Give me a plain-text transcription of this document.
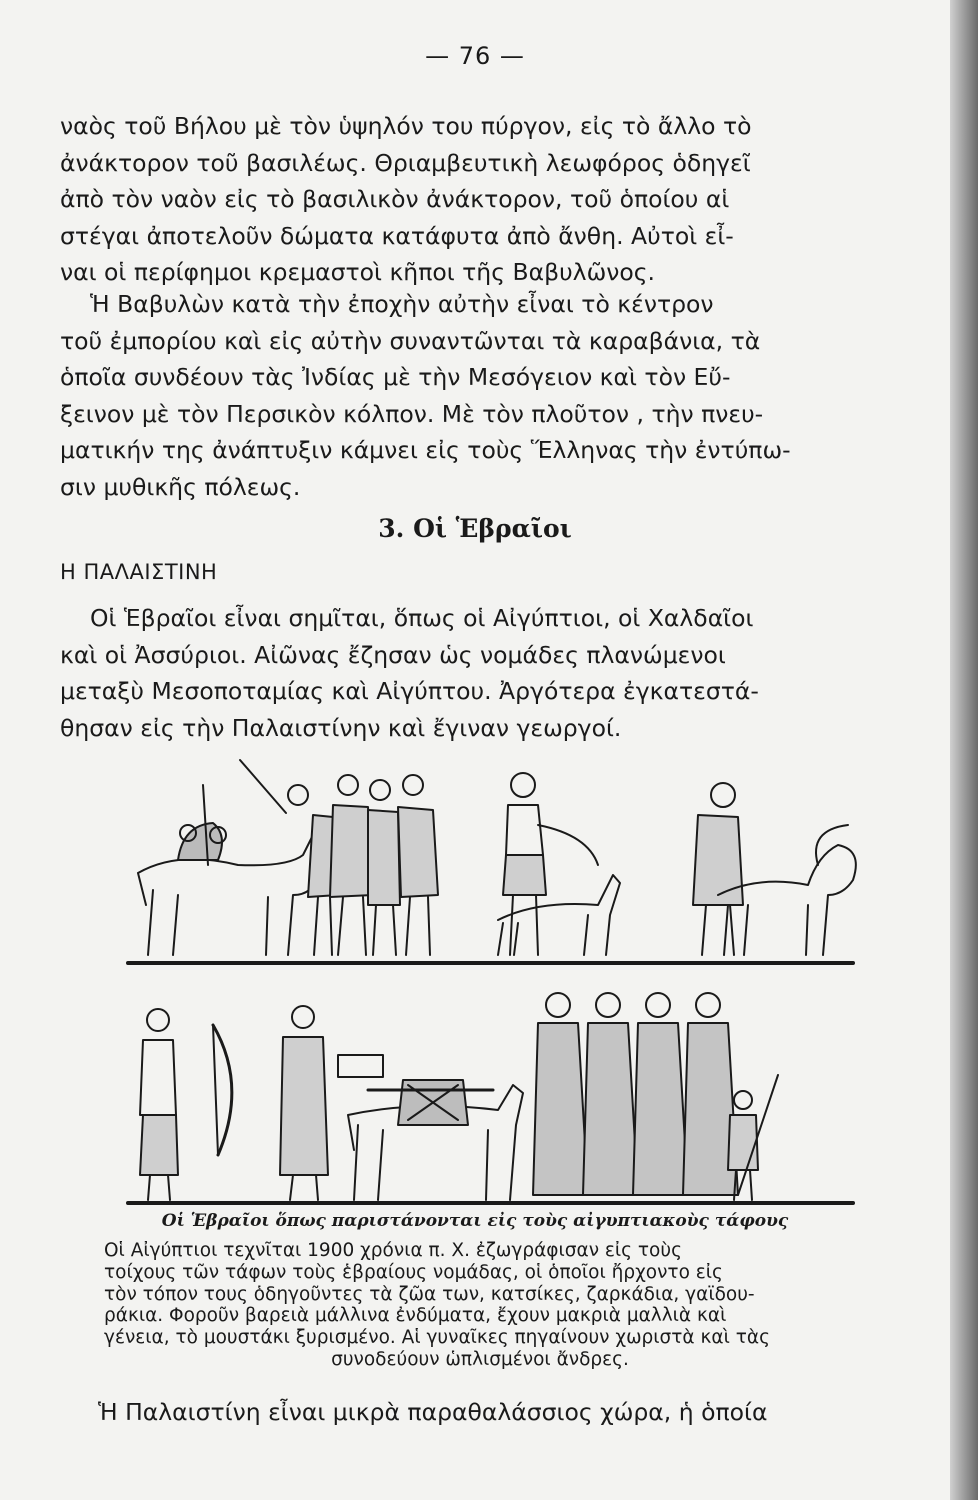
— 76 —

ναὸς τοῦ Βήλου μὲ τὸν ὑψηλόν του πύργον, εἰς τὸ ἄλλο τὸ
ἀνάκτορον τοῦ βασιλέως. Θριαμβευτικὴ λεωφόρος ὁδηγεῖ
ἀπὸ τὸν ναὸν εἰς τὸ βασιλικὸν ἀνάκτορον, τοῦ ὁποίου αἱ
στέγαι ἀποτελοῦν δώματα κατάφυτα ἀπὸ ἄνθη. Αὐτοὶ εἶ-
ναι οἱ περίφημοι κρεμαστοὶ κῆποι τῆς Βαβυλῶνος.

Ἡ Βαβυλὼν κατὰ τὴν ἐποχὴν αὐτὴν εἶναι τὸ κέντρον
τοῦ ἐμπορίου καὶ εἰς αὐτὴν συναντῶνται τὰ καραβάνια, τὰ
ὁποῖα συνδέουν τὰς Ἰνδίας μὲ τὴν Μεσόγειον καὶ τὸν Εὔ-
ξεινον μὲ τὸν Περσικὸν κόλπον. Μὲ τὸν πλοῦτον , τὴν πνευ-
ματικήν της ἀνάπτυξιν κάμνει εἰς τοὺς Ἕλληνας τὴν ἐντύπω-
σιν μυθικῆς πόλεως.

3. Οἱ Ἑβραῖοι
Η ΠΑΛΑΙΣΤΙΝΗ

Οἱ Ἑβραῖοι εἶναι σημῖται, ὅπως οἱ Αἰγύπτιοι, οἱ Χαλδαῖοι
καὶ οἱ Ἀσσύριοι. Αἰῶνας ἔζησαν ὡς νομάδες πλανώμενοι
μεταξὺ Μεσοποταμίας καὶ Αἰγύπτου. Ἀργότερα ἐγκατεστά-
θησαν εἰς τὴν Παλαιστίνην καὶ ἔγιναν γεωργοί.

Οἱ Ἑβραῖοι ὅπως παριστάνονται εἰς τοὺς αἰγυπτιακοὺς τάφους

Οἱ Αἰγύπτιοι τεχνῖται 1900 χρόνια π. Χ. ἐζωγράφισαν εἰς τοὺς
τοίχους τῶν τάφων τοὺς ἑβραίους νομάδας, οἱ ὁποῖοι ἤρχοντο εἰς
τὸν τόπον τους ὁδηγοῦντες τὰ ζῶα των, κατσίκες, ζαρκάδια, γαϊδου-
ράκια. Φοροῦν βαρειὰ μάλλινα ἐνδύματα, ἔχουν μακριὰ μαλλιὰ καὶ
γένεια, τὸ μουστάκι ξυρισμένο. Αἱ γυναῖκες πηγαίνουν χωριστὰ καὶ τὰς
συνοδεύουν ὡπλισμένοι ἄνδρες.

Ἡ Παλαιστίνη εἶναι μικρὰ παραθαλάσσιος χώρα, ἡ ὁποία
